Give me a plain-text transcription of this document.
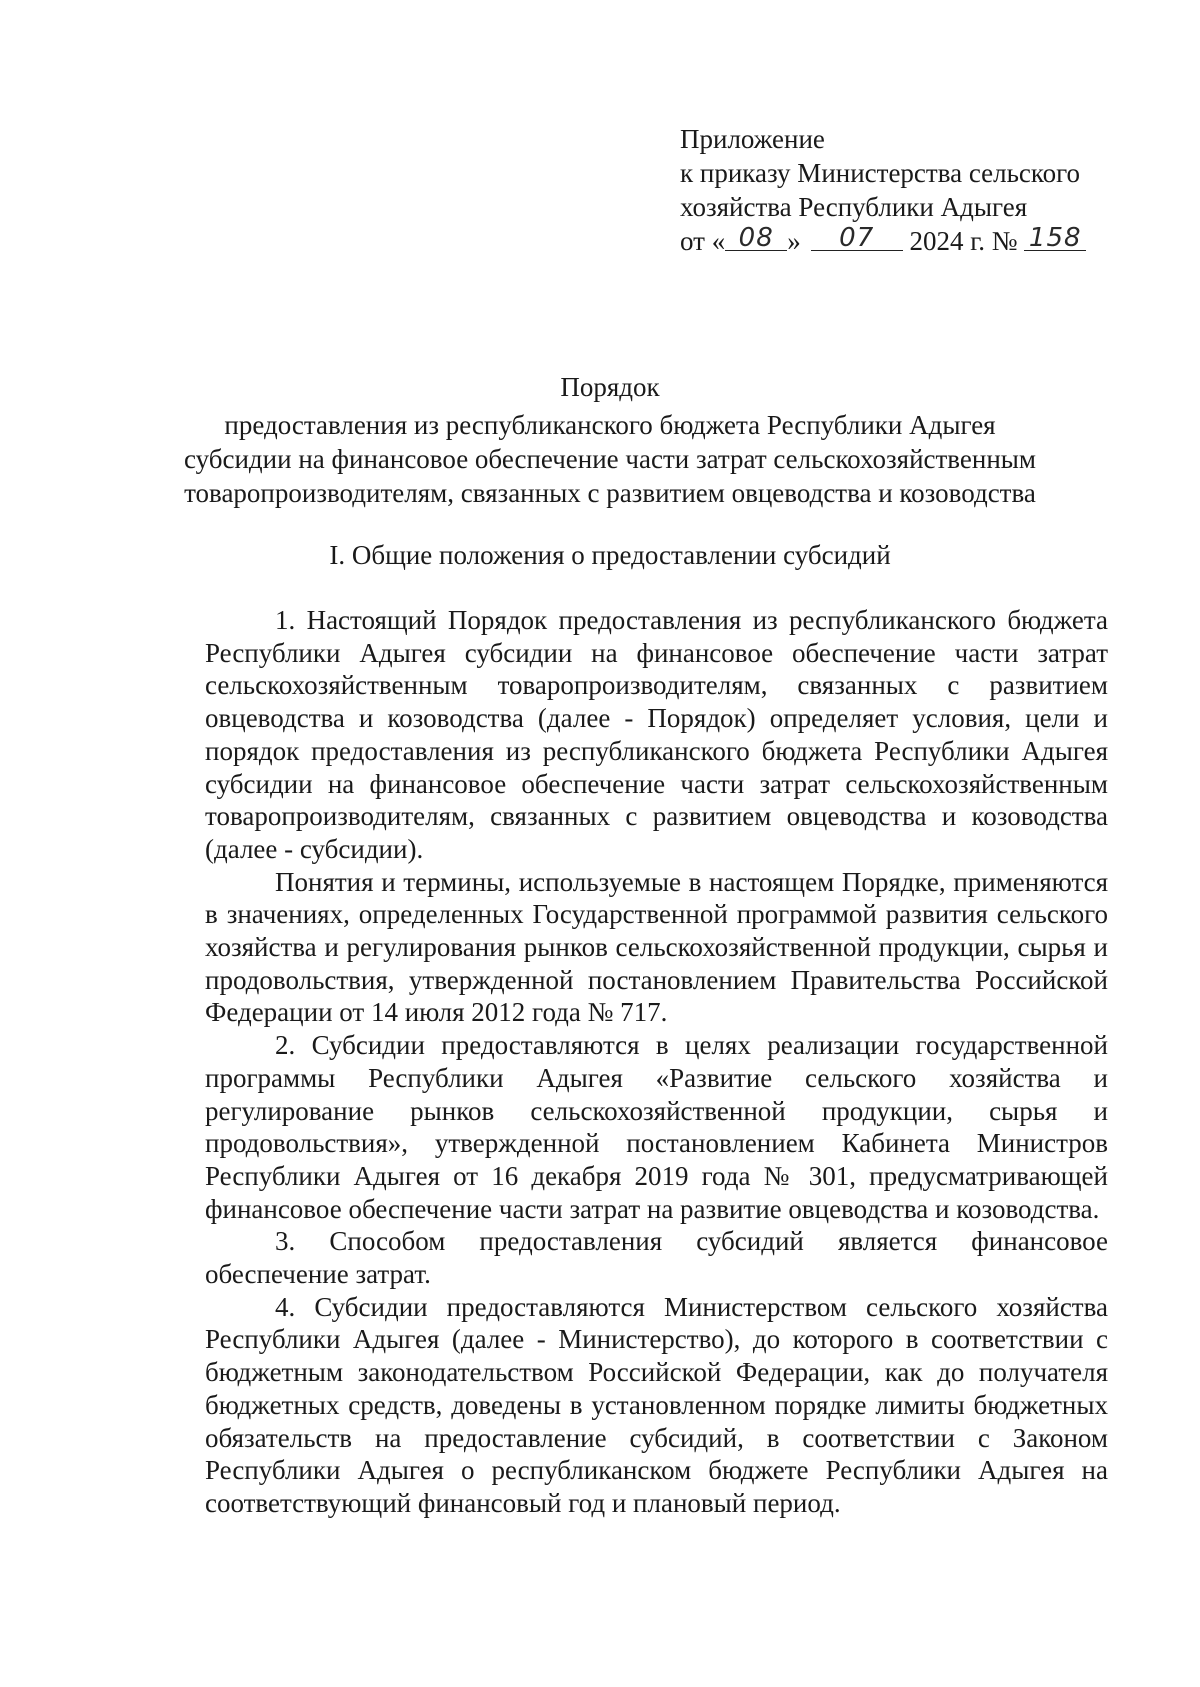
Приложение
к приказу Министерства сельского
хозяйства Республики Адыгея
от « 08 » 07 2024 г. № 158
Порядок
предоставления из республиканского бюджета Республики Адыгея
субсидии на финансовое обеспечение части затрат сельскохозяйственным
товаропроизводителям, связанных с развитием овцеводства и козоводства
I. Общие положения о предоставлении субсидий

1. Настоящий Порядок предоставления из республиканского бюджета Республики Адыгея субсидии на финансовое обеспечение части затрат сельскохозяйственным товаропроизводителям, связанных с развитием овцеводства и козоводства (далее - Порядок) определяет условия, цели и порядок предоставления из республиканского бюджета Республики Адыгея субсидии на финансовое обеспечение части затрат сельскохозяйственным товаропроизводителям, связанных с развитием овцеводства и козоводства (далее - субсидии).

Понятия и термины, используемые в настоящем Порядке, применяются в значениях, определенных Государственной программой развития сельского хозяйства и регулирования рынков сельскохозяйственной продукции, сырья и продовольствия, утвержденной постановлением Правительства Российской Федерации от 14 июля 2012 года № 717.

2. Субсидии предоставляются в целях реализации государственной программы Республики Адыгея «Развитие сельского хозяйства и регулирование рынков сельскохозяйственной продукции, сырья и продовольствия», утвержденной постановлением Кабинета Министров Республики Адыгея от 16 декабря 2019 года № 301, предусматривающей финансовое обеспечение части затрат на развитие овцеводства и козоводства.

3. Способом предоставления субсидий является финансовое обеспечение затрат.

4. Субсидии предоставляются Министерством сельского хозяйства Республики Адыгея (далее - Министерство), до которого в соответствии с бюджетным законодательством Российской Федерации, как до получателя бюджетных средств, доведены в установленном порядке лимиты бюджетных обязательств на предоставление субсидий, в соответствии с Законом Республики Адыгея о республиканском бюджете Республики Адыгея на соответствующий финансовый год и плановый период.
